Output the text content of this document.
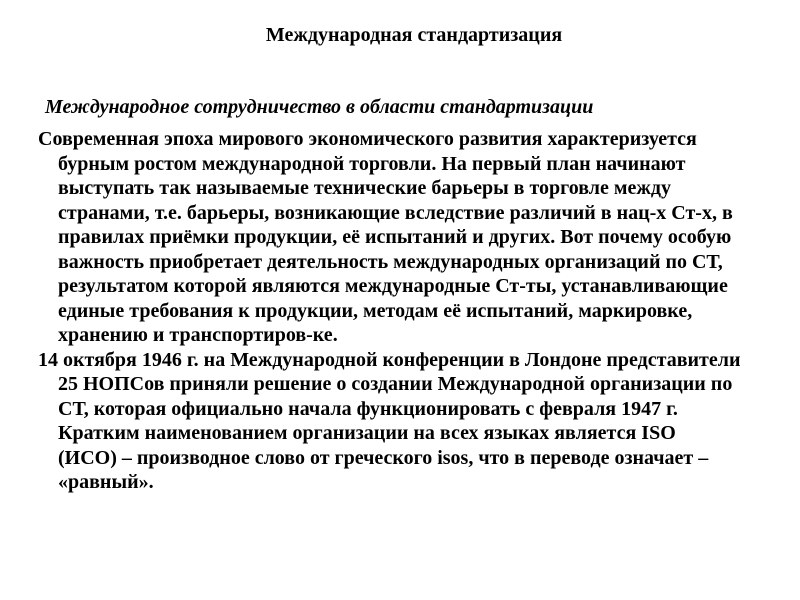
Международная стандартизация
Международное сотрудничество в области стандартизации
Современная эпоха мирового экономического развития характеризуется
бурным ростом международной торговли. На первый план начинают
выступать так называемые технические барьеры в торговле между
странами, т.е. барьеры, возникающие вследствие различий в нац-х Ст-х, в
правилах приёмки продукции, её испытаний и других. Вот почему особую
важность приобретает деятельность международных организаций по СТ,
результатом которой являются международные Ст-ты, устанавливающие
единые требования к продукции, методам её испытаний, маркировке,
хранению и транспортиров-ке.
14 октября 1946 г. на Международной конференции в Лондоне представители
25 НОПСов приняли решение о создании Международной организации по
СТ, которая официально начала функционировать с февраля 1947 г.
Кратким наименованием организации на всех языках является ISO
(ИСО) – производное слово от греческого isos, что в переводе означает –
«равный».
